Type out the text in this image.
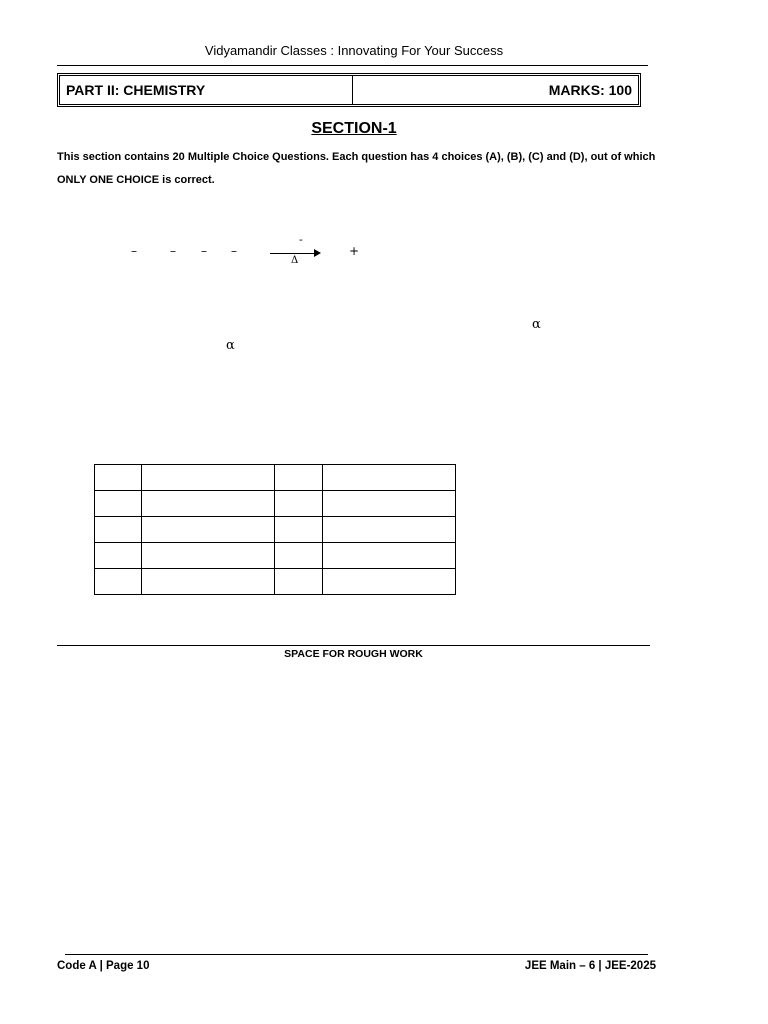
Vidyamandir Classes : Innovating For Your Success
PART II: CHEMISTRY	MARKS: 100
SECTION-1
This section contains 20 Multiple Choice Questions. Each question has 4 choices (A), (B), (C) and (D), out of which ONLY ONE CHOICE is correct.
–	– – –
-
Δ
+
α
α

SPACE FOR ROUGH WORK
Code A | Page 10	JEE Main – 6 | JEE-2025
